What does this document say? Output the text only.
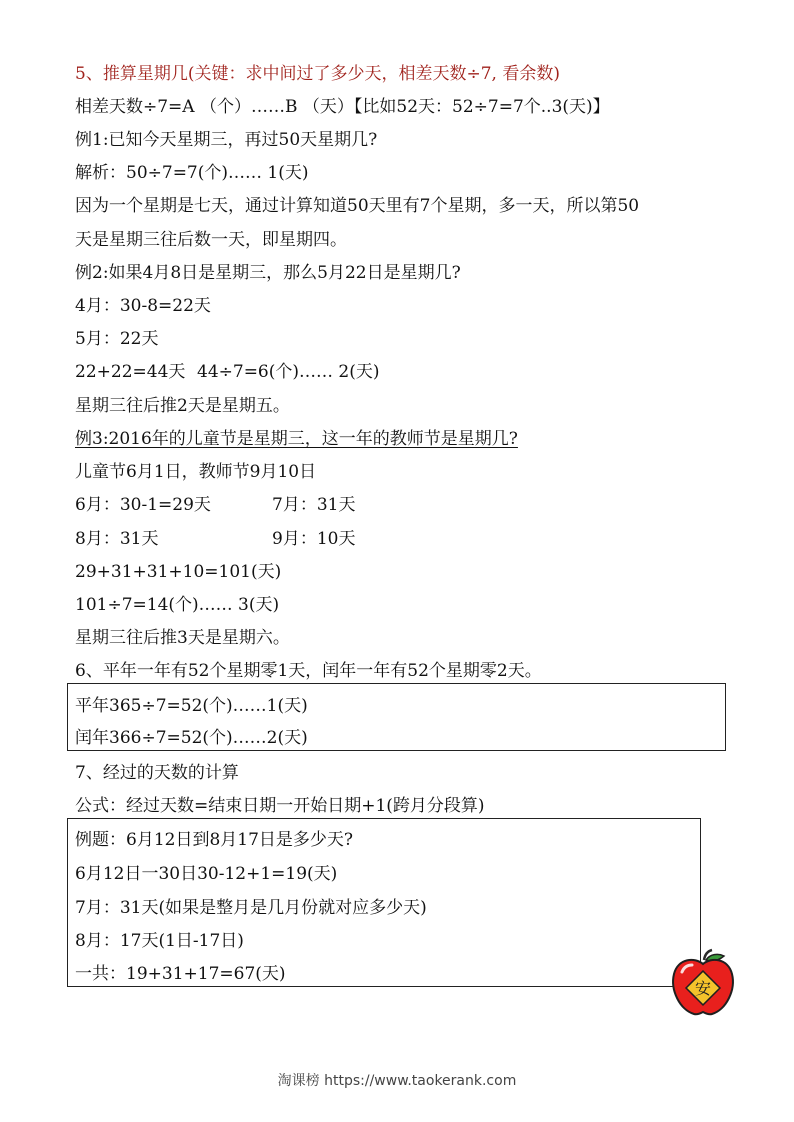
5、推算星期几(关键：求中间过了多少天，相差天数÷7, 看余数)
相差天数÷7=A （个）……B （天）【比如52天：52÷7=7个..3(天)】
例1:已知今天星期三，再过50天星期几?
解析：50÷7=7(个)…… 1(天)
因为一个星期是七天，通过计算知道50天里有7个星期，多一天，所以第50
天是星期三往后数一天，即星期四。
例2:如果4月8日是星期三，那么5月22日是星期几?
4月：30-8=22天
5月：22天
22+22=44天 44÷7=6(个)…… 2(天)
星期三往后推2天是星期五。
例3:2016年的儿童节是星期三，这一年的教师节是星期几?
儿童节6月1日，教师节9月10日
6月：30-1=29天	7月：31天
8月：31天	9月：10天
29+31+31+10=101(天)
101÷7=14(个)…… 3(天)
星期三往后推3天是星期六。
6、平年一年有52个星期零1天，闰年一年有52个星期零2天。
平年365÷7=52(个)……1(天)
闰年366÷7=52(个)……2(天)
7、经过的天数的计算
公式：经过天数=结束日期一开始日期+1(跨月分段算)
例题：6月12日到8月17日是多少天?
6月12日一30日30-12+1=19(天)
7月：31天(如果是整月是几月份就对应多少天)
8月：17天(1日-17日)
一共：19+31+17=67(天)
安
淘课榜 https://www.taokerank.com
